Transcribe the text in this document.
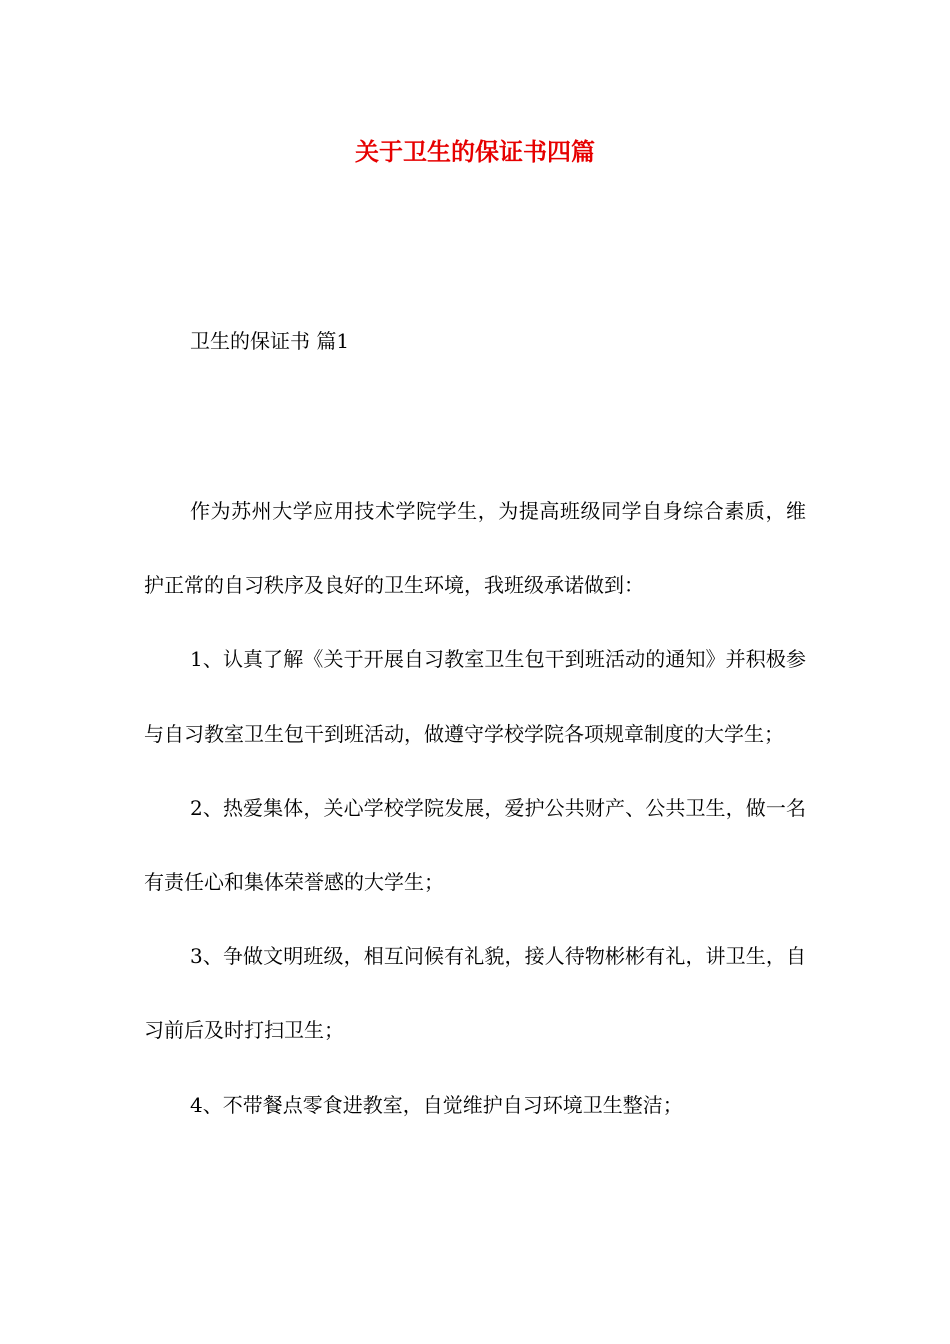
关于卫生的保证书四篇
卫生的保证书 篇1

作为苏州大学应用技术学院学生，为提高班级同学自身综合素质，维护正常的自习秩序及良好的卫生环境，我班级承诺做到：

1、认真了解《关于开展自习教室卫生包干到班活动的通知》并积极参与自习教室卫生包干到班活动，做遵守学校学院各项规章制度的大学生；

2、热爱集体，关心学校学院发展，爱护公共财产、公共卫生，做一名有责任心和集体荣誉感的大学生；

3、争做文明班级，相互问候有礼貌，接人待物彬彬有礼，讲卫生，自习前后及时打扫卫生；

4、不带餐点零食进教室，自觉维护自习环境卫生整洁；
